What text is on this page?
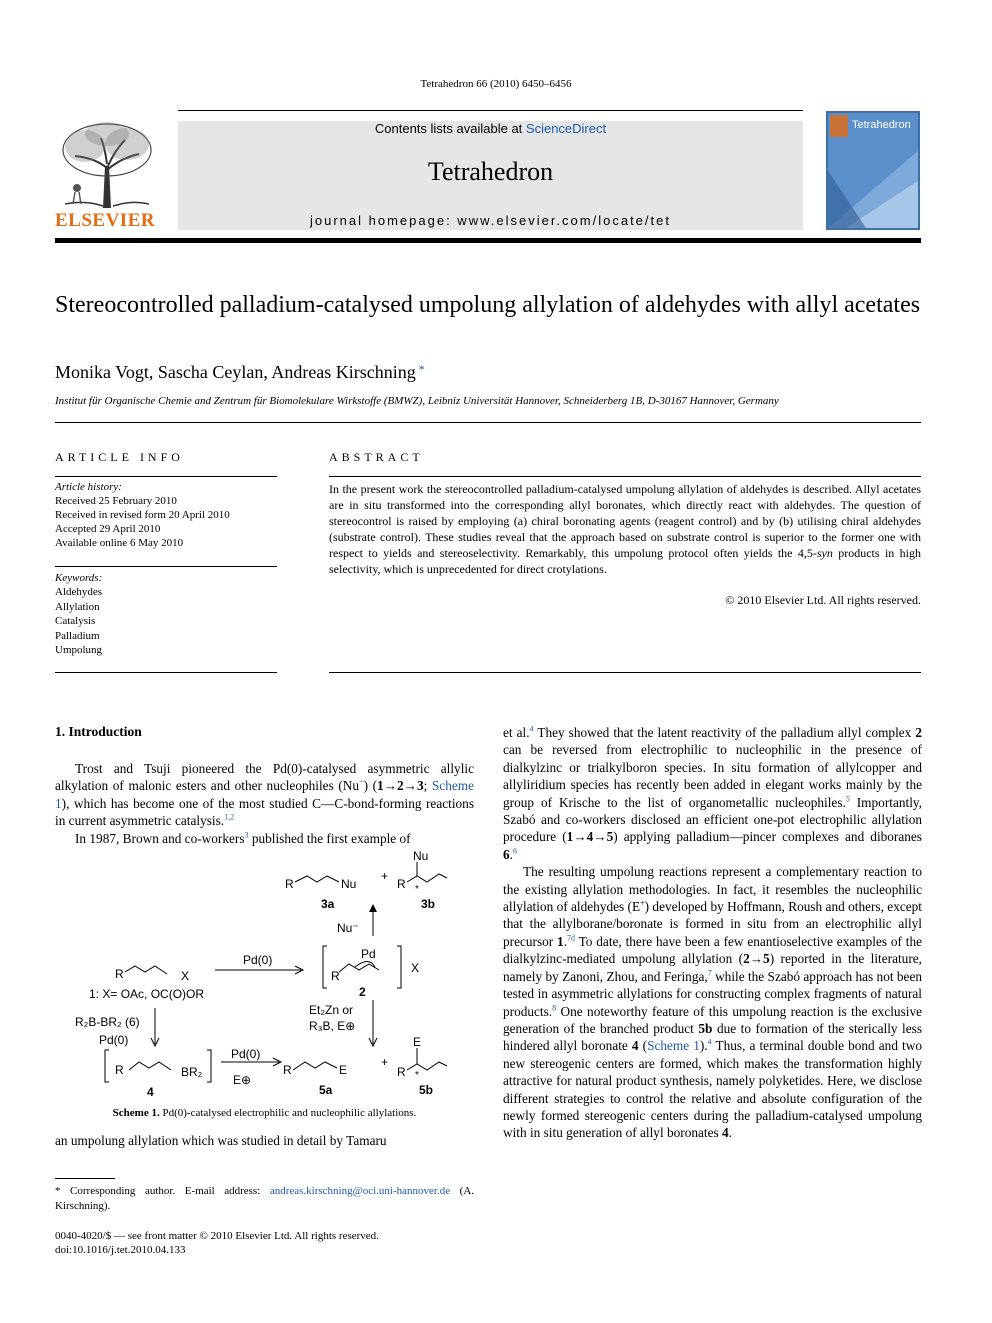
Tetrahedron 66 (2010) 6450–6456
ELSEVIER
Contents lists available at ScienceDirect
Tetrahedron
journal homepage: www.elsevier.com/locate/tet
Tetrahedron
Stereocontrolled palladium-catalysed umpolung allylation of aldehydes with allyl acetates
Monika Vogt, Sascha Ceylan, Andreas Kirschning *
Institut für Organische Chemie and Zentrum für Biomolekulare Wirkstoffe (BMWZ), Leibniz Universität Hannover, Schneiderberg 1B, D-30167 Hannover, Germany
ARTICLE INFO	ABSTRACT
Article history:
Received 25 February 2010
Received in revised form 20 April 2010
Accepted 29 April 2010
Available online 6 May 2010
Keywords:
Aldehydes
Allylation
Catalysis
Palladium
Umpolung
In the present work the stereocontrolled palladium-catalysed umpolung allylation of aldehydes is described. Allyl acetates are in situ transformed into the corresponding allyl boronates, which directly react with aldehydes. The question of stereocontrol is raised by employing (a) chiral boronating agents (reagent control) and by (b) utilising chiral aldehydes (substrate control). These studies reveal that the approach based on substrate control is superior to the former one with respect to yields and stereoselectivity. Remarkably, this umpolung protocol often yields the 4,5-syn products in high selectivity, which is unprecedented for direct crotylations.
© 2010 Elsevier Ltd. All rights reserved.
1. Introduction

Trost and Tsuji pioneered the Pd(0)-catalysed asymmetric allylic alkylation of malonic esters and other nucleophiles (Nu−) (1→2→3; Scheme 1), which has become one of the most studied C—C-bond-forming reactions in current asymmetric catalysis.$^{1,2}$

In 1987, Brown and co-workers$^3$ published the first example of

R	Nu
3a
+
R
Nu
*
3b
Nu⁻
Pd
R
X
2
R	X
1: X= OAc, OC(O)OR
Pd(0)
R₂B-BR₂ (6)
Pd(0)
Et₂Zn or
R₃B, E⊕
R	BR₂
4
Pd(0)
E⊕
R	E
5a
+
R
E
*
5b
Scheme 1. Pd(0)-catalysed electrophilic and nucleophilic allylations.
an umpolung allylation which was studied in detail by Tamaru
* Corresponding author. E-mail address: andreas.kirschning@oci.uni-hannover.de (A. Kirschning).
0040-4020/$ — see front matter © 2010 Elsevier Ltd. All rights reserved.
doi:10.1016/j.tet.2010.04.133

et al.$^4$ They showed that the latent reactivity of the palladium allyl complex 2 can be reversed from electrophilic to nucleophilic in the presence of dialkylzinc or trialkylboron species. In situ formation of allylcopper and allyliridium species has recently been added in elegant works mainly by the group of Krische to the list of organometallic nucleophiles.$^5$ Importantly, Szabó and co-workers disclosed an efficient one-pot electrophilic allylation procedure (1→4→5) applying palladium—pincer complexes and diboranes 6.$^6$

The resulting umpolung reactions represent a complementary reaction to the existing allylation methodologies. In fact, it resembles the nucleophilic allylation of aldehydes (E+) developed by Hoffmann, Roush and others, except that the allylborane/boronate is formed in situ from an electrophilic allyl precursor 1.$^{7d}$ To date, there have been a few enantioselective examples of the dialkylzinc-mediated umpolung allylation (2→5) reported in the literature, namely by Zanoni, Zhou, and Feringa,$^7$ while the Szabó approach has not been tested in asymmetric allylations for constructing complex fragments of natural products.$^8$ One noteworthy feature of this umpolung reaction is the exclusive generation of the branched product 5b due to formation of the sterically less hindered allyl boronate 4 (Scheme 1).$^4$ Thus, a terminal double bond and two new stereogenic centers are formed, which makes the transformation highly attractive for natural product synthesis, namely polyketides. Here, we disclose different strategies to control the relative and absolute configuration of the newly formed stereogenic centers during the palladium-catalysed umpolung with in situ generation of allyl boronates 4.
